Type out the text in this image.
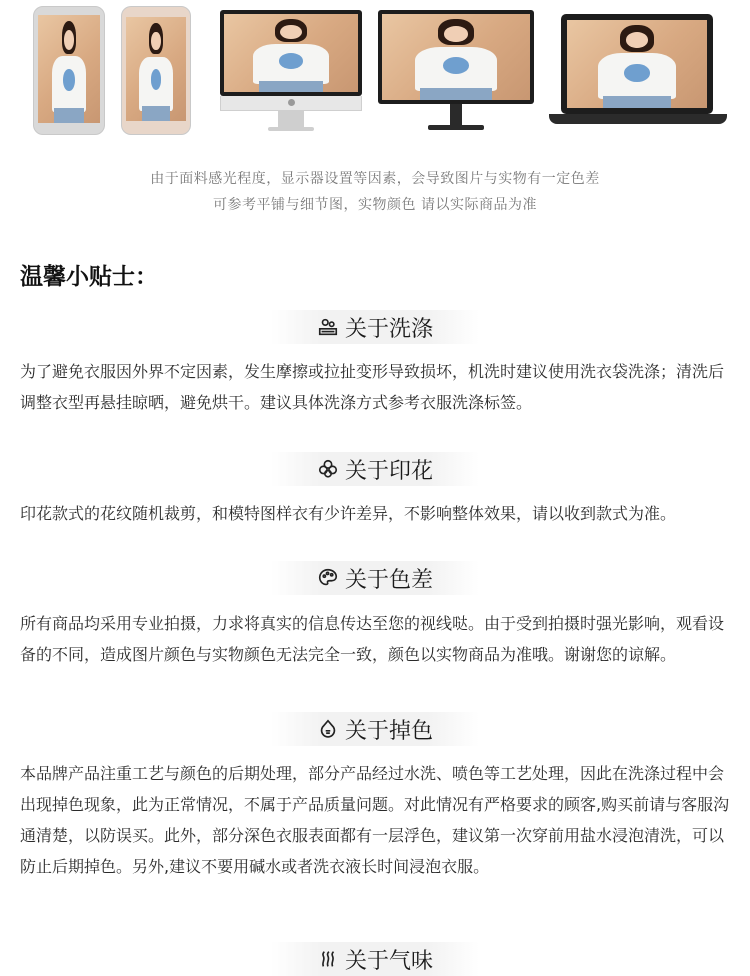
由于面料感光程度，显示器设置等因素，会导致图片与实物有一定色差
可参考平铺与细节图，实物颜色 请以实际商品为准
温馨小贴士：
关于洗涤
为了避免衣服因外界不定因素，发生摩擦或拉扯变形导致损坏，机洗时建议使用洗衣袋洗涤；清洗后调整衣型再悬挂晾晒，避免烘干。建议具体洗涤方式参考衣服洗涤标签。
关于印花
印花款式的花纹随机裁剪，和模特图样衣有少许差异，不影响整体效果，请以收到款式为准。
关于色差
所有商品均采用专业拍摄，力求将真实的信息传达至您的视线哒。由于受到拍摄时强光影响，观看设备的不同，造成图片颜色与实物颜色无法完全一致，颜色以实物商品为准哦。谢谢您的谅解。
关于掉色
本品牌产品注重工艺与颜色的后期处理，部分产品经过水洗、喷色等工艺处理，因此在洗涤过程中会出现掉色现象，此为正常情况，不属于产品质量问题。对此情况有严格要求的顾客,购买前请与客服沟通清楚，以防误买。此外，部分深色衣服表面都有一层浮色，建议第一次穿前用盐水浸泡清洗，可以防止后期掉色。另外,建议不要用碱水或者洗衣液长时间浸泡衣服。
关于气味
